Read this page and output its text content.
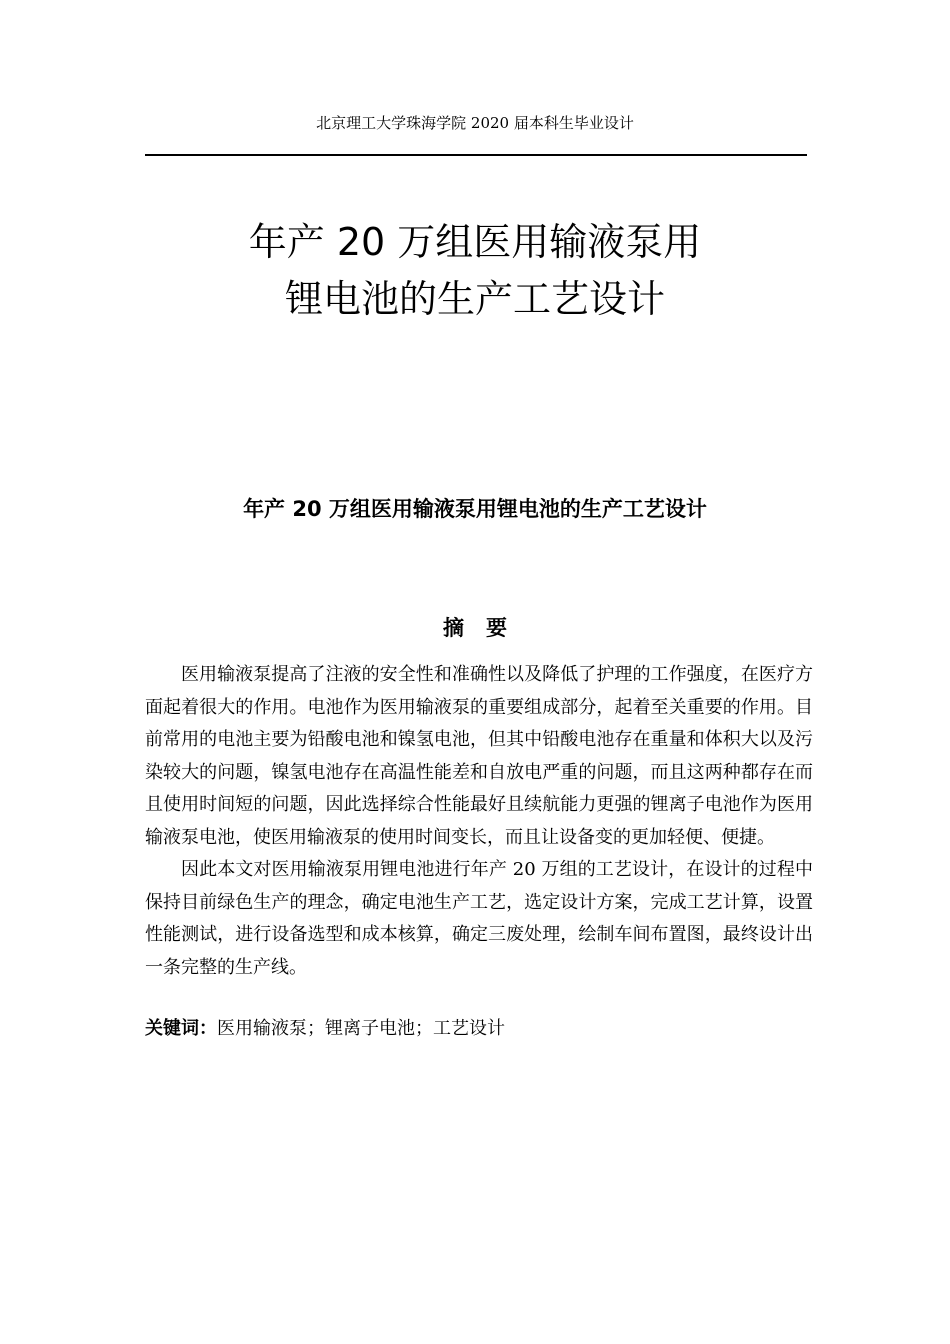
北京理工大学珠海学院 2020 届本科生毕业设计
年产 20 万组医用输液泵用
锂电池的生产工艺设计
年产 20 万组医用输液泵用锂电池的生产工艺设计
摘要

医用输液泵提高了注液的安全性和准确性以及降低了护理的工作强度，在医疗方面起着很大的作用。电池作为医用输液泵的重要组成部分，起着至关重要的作用。目前常用的电池主要为铅酸电池和镍氢电池，但其中铅酸电池存在重量和体积大以及污染较大的问题，镍氢电池存在高温性能差和自放电严重的问题，而且这两种都存在而且使用时间短的问题，因此选择综合性能最好且续航能力更强的锂离子电池作为医用输液泵电池，使医用输液泵的使用时间变长，而且让设备变的更加轻便、便捷。

因此本文对医用输液泵用锂电池进行年产 20 万组的工艺设计，在设计的过程中保持目前绿色生产的理念，确定电池生产工艺，选定设计方案，完成工艺计算，设置性能测试，进行设备选型和成本核算，确定三废处理，绘制车间布置图，最终设计出一条完整的生产线。

关键词：医用输液泵；锂离子电池；工艺设计
